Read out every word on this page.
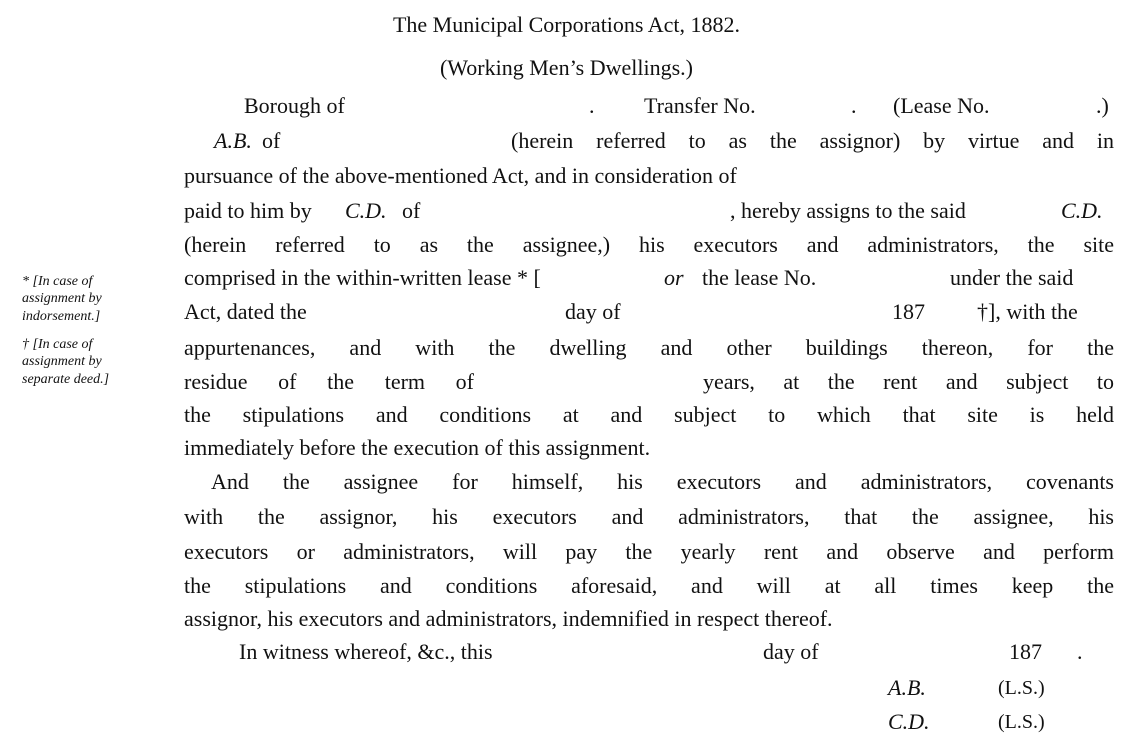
The Municipal Corporations Act, 1882.
(Working Men’s Dwellings.)
Borough of	. Transfer No.	. (Lease No.	.)
A.B. of	(herein referred to as the assignor) by virtue and in
pursuance of the above-mentioned Act, and in consideration of
paid to him by C.D. of	, hereby assigns to the said	C.D.
(herein referred to as the assignee,) his executors and administrators, the site
comprised in the within-written lease * [	or the lease No.	under the said
Act, dated the	day of	187 †], with the
appurtenances, and with the dwelling and other buildings thereon, for the
residue of the term of	years, at the rent and subject to
the stipulations and conditions at and subject to which that site is held
immediately before the execution of this assignment.
And the assignee for himself, his executors and administrators, covenants
with the assignor, his executors and administrators, that the assignee, his
executors or administrators, will pay the yearly rent and observe and perform
the stipulations and conditions aforesaid, and will at all times keep the
assignor, his executors and administrators, indemnified in respect thereof.
In witness whereof, &c., this	day of	187 .
A.B.	(L.S.)
C.D.	(L.S.)
* [In case of
assignment by
indorsement.]
† [In case of
assignment by
separate deed.]
